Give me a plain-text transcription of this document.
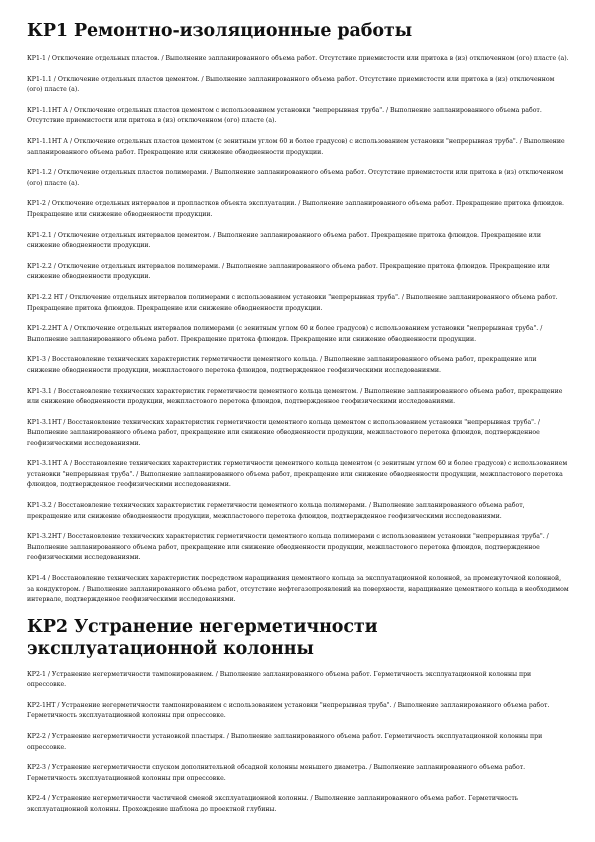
КР1 Ремонтно-изоляционные работы

КР1-1 / Отключение отдельных пластов. / Выполнение запланированного объема работ. Отсутствие приемистости или притока в (из) отключенном (ого) пласте (а).

КР1-1.1 / Отключение отдельных пластов цементом. / Выполнение запланированного объема работ. Отсутствие приемистости или притока в (из) отключенном (ого) пласте (а).

КР1-1.1НТ А / Отключение отдельных пластов цементом с использованием установки "непрерывная труба". / Выполнение запланированного объема работ. Отсутствие приемистости или притока в (из) отключенном (ого) пласте (а).

КР1-1.1НТ А / Отключение отдельных пластов цементом (с зенитным углом 60 и более градусов) с использованием установки "непрерывная труба". / Выполнение запланированного объема работ. Прекращение или снижение обводненности продукции.

КР1-1.2 / Отключение отдельных пластов полимерами. / Выполнение запланированного объема работ. Отсутствие приемистости или притока в (из) отключенном (ого) пласте (а).

КР1-2 / Отключение отдельных интервалов и пропластков объекта эксплуатации. / Выполнение запланированного объема работ. Прекращение притока флюидов. Прекращение или снижение обводненности продукции.

КР1-2.1 / Отключение отдельных интервалов цементом. / Выполнение запланированного объема работ. Прекращение притока флюидов. Прекращение или снижение обводненности продукции.

КР1-2.2 / Отключение отдельных интервалов полимерами. / Выполнение запланированного объема работ. Прекращение притока флюидов. Прекращение или снижение обводненности продукции.

КР1-2.2 НТ / Отключение отдельных интервалов полимерами с использованием установки "непрерывная труба". / Выполнение запланированного объема работ. Прекращение притока флюидов. Прекращение или снижение обводненности продукции.

КР1-2.2НТ А / Отключение отдельных интервалов полимерами (с зенитным углом 60 и более градусов) с использованием установки "непрерывная труба". / Выполнение запланированного объема работ. Прекращение притока флюидов. Прекращение или снижение обводненности продукции.

КР1-3 / Восстановление технических характеристик герметичности цементного кольца. / Выполнение запланированного объема работ, прекращение или снижение обводненности продукции, межпластового перетока флюидов, подтвержденное геофизическими исследованиями.

КР1-3.1 / Восстановление технических характеристик герметичности цементного кольца цементом. / Выполнение запланированного объема работ, прекращение или снижение обводненности продукции, межпластового перетока флюидов, подтвержденное геофизическими исследованиями.

КР1-3.1НТ / Восстановление технических характеристик герметичности цементного кольца цементом с использованием установки "непрерывная труба". / Выполнение запланированного объема работ, прекращение или снижение обводненности продукции, межпластового перетока флюидов, подтвержденное геофизическими исследованиями.

КР1-3.1НТ А / Восстановление технических характеристик герметичности цементного кольца цементом (с зенитным углом 60 и более градусов) с использованием установки "непрерывная труба". / Выполнение запланированного объема работ, прекращение или снижение обводненности продукции, межпластового перетока флюидов, подтвержденное геофизическими исследованиями.

КР1-3.2 / Восстановление технических характеристик герметичности цементного кольца полимерами. / Выполнение запланированного объема работ, прекращение или снижение обводненности продукции, межпластового перетока флюидов, подтвержденное геофизическими исследованиями.

КР1-3.2НТ / Восстановление технических характеристик герметичности цементного кольца полимерами с использованием установки "непрерывная труба". / Выполнение запланированного объема работ, прекращение или снижение обводненности продукции, межпластового перетока флюидов, подтвержденное геофизическими исследованиями.

КР1-4 / Восстановление технических характеристик посредством наращивания цементного кольца за эксплуатационной колонной, за промежуточной колонной, за кондуктором. / Выполнение запланированного объема работ, отсутствие нефтегазопроявлений на поверхности, наращивание цементного кольца в необходимом интервале, подтвержденное геофизическими исследованиями.

КР2 Устранение негерметичности эксплуатационной колонны

КР2-1 / Устранение негерметичности тампонированием. / Выполнение запланированного объема работ. Герметичность эксплуатационной колонны при опрессовке.

КР2-1НТ / Устранение негерметичности тампонированием с использованием установки "непрерывная труба". / Выполнение запланированного объема работ. Герметичность эксплуатационной колонны при опрессовке.

КР2-2 / Устранение негерметичности установкой пластыря. / Выполнение запланированного объема работ. Герметичность эксплуатационной колонны при опрессовке.

КР2-3 / Устранение негерметичности спуском дополнительной обсадной колонны меньшего диаметра. / Выполнение запланированного объема работ. Герметичность эксплуатационной колонны при опрессовке.

КР2-4 / Устранение негерметичности частичной сменой эксплуатационной колонны. / Выполнение запланированного объема работ. Герметичность эксплуатационной колонны. Прохождение шаблона до проектной глубины.
